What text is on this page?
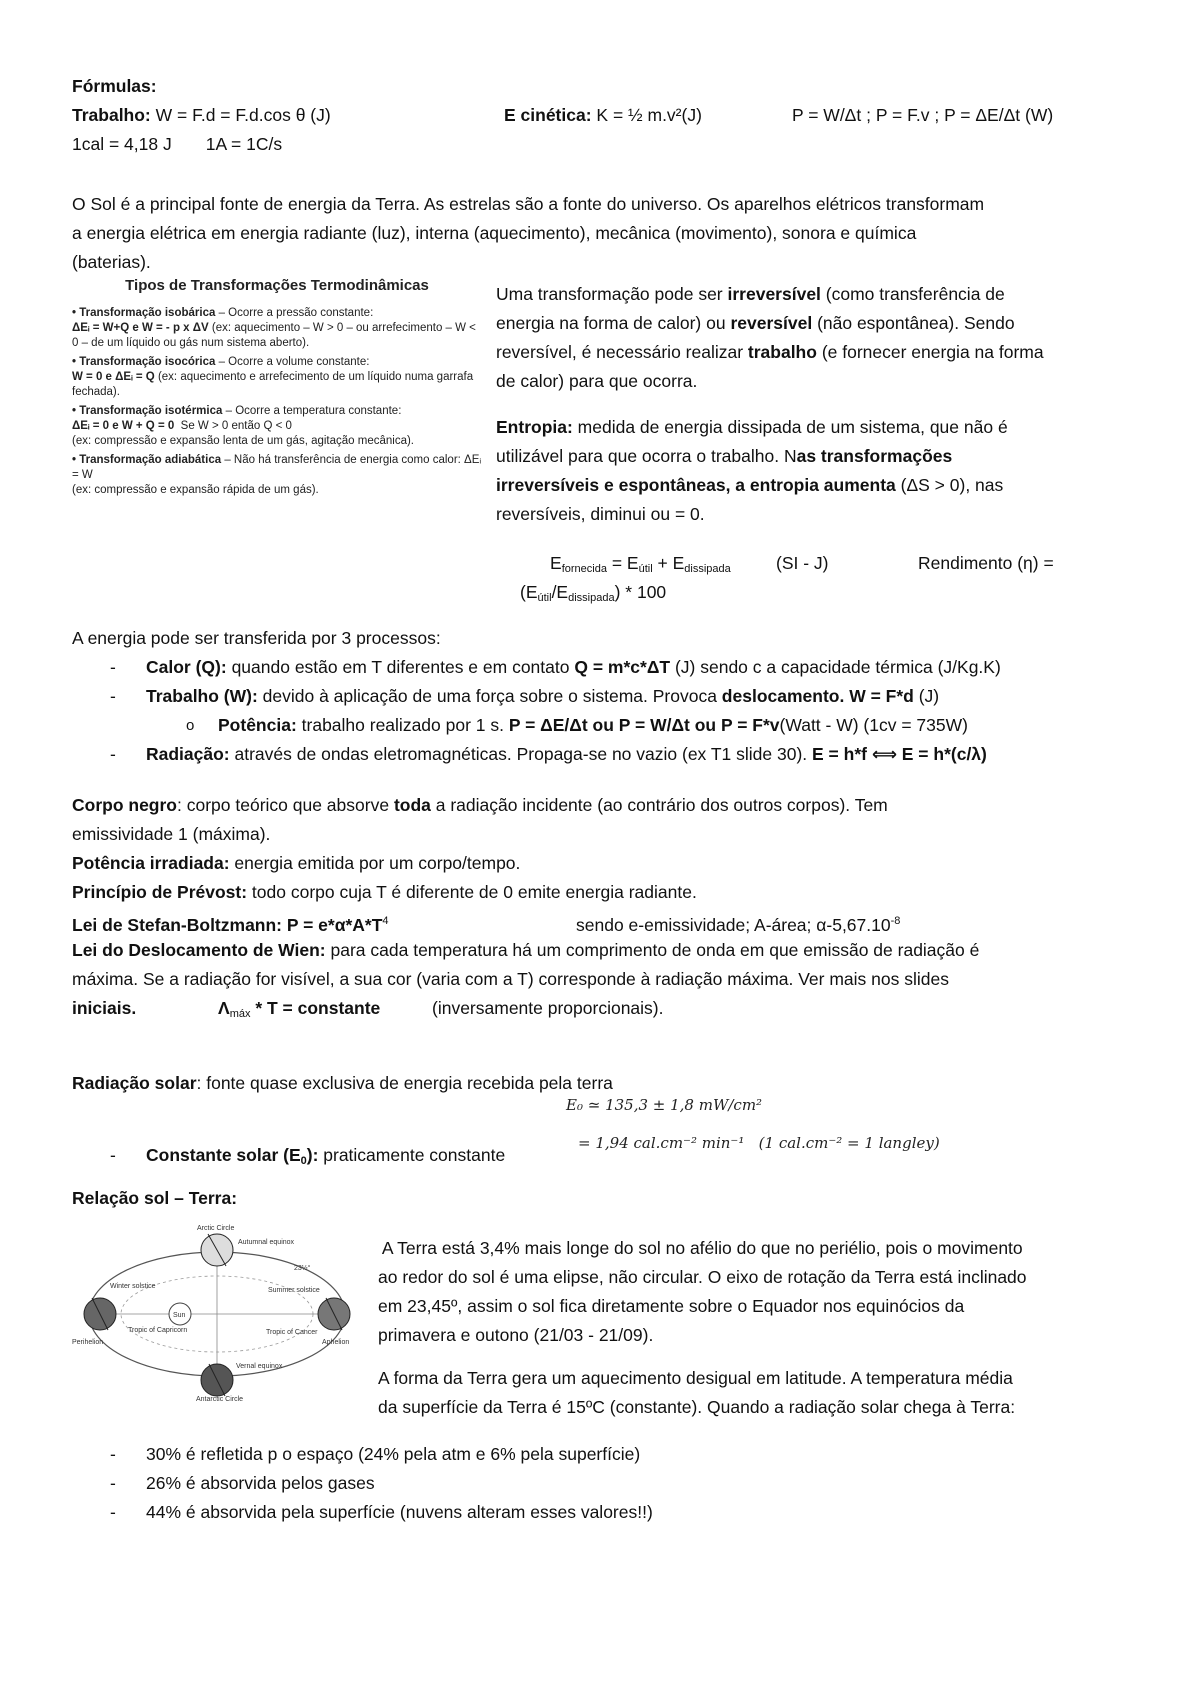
Fórmulas:
Trabalho: W = F.d = F.d.cos θ (J)	E cinética: K = ½ m.v²(J)	P = W/Δt ; P = F.v ; P = ΔE/Δt (W)
1cal = 4,18 J       1A = 1C/s
O Sol é a principal fonte de energia da Terra. As estrelas são a fonte do universo. Os aparelhos elétricos transformam
a energia elétrica em energia radiante (luz), interna (aquecimento), mecânica (movimento), sonora e química
(baterias).
Tipos de Transformações Termodinâmicas

• Transformação isobárica – Ocorre a pressão constante:
ΔEᵢ = W+Q e W = - p x ΔV (ex: aquecimento – W > 0 – ou arrefecimento – W < 0 – de um líquido ou gás num sistema aberto).

• Transformação isocórica – Ocorre a volume constante:
W = 0 e ΔEᵢ = Q (ex: aquecimento e arrefecimento de um líquido numa garrafa fechada).

• Transformação isotérmica – Ocorre a temperatura constante:
ΔEᵢ = 0 e W + Q = 0  Se W > 0 então Q < 0
(ex: compressão e expansão lenta de um gás, agitação mecânica).

• Transformação adiabática – Não há transferência de energia como calor: ΔEᵢ = W
(ex: compressão e expansão rápida de um gás).

Uma transformação pode ser irreversível (como transferência de
energia na forma de calor) ou reversível (não espontânea). Sendo
reversível, é necessário realizar trabalho (e fornecer energia na forma
de calor) para que ocorra.
Entropia: medida de energia dissipada de um sistema, que não é
utilizável para que ocorra o trabalho. Nas transformações
irreversíveis e espontâneas, a entropia aumenta (ΔS > 0), nas
reversíveis, diminui ou = 0.
$E_{fornecida} = E_{útil} + E_{dissipada}$	(SI - J)	Rendimento (η) =
$(E_{útil}/E_{dissipada}) * 100$
A energia pode ser transferida por 3 processos:
- Calor (Q): quando estão em T diferentes e em contato Q = m*c*ΔT (J) sendo c a capacidade térmica (J/Kg.K)
- Trabalho (W): devido à aplicação de uma força sobre o sistema. Provoca deslocamento. W = F*d (J)
o Potência: trabalho realizado por 1 s. P = ΔE/Δt ou P = W/Δt ou P = F*v(Watt - W) (1cv = 735W)
- Radiação: através de ondas eletromagnéticas. Propaga-se no vazio (ex T1 slide 30). E = h*f ⟺ E = h*(c/λ)
Corpo negro: corpo teórico que absorve toda a radiação incidente (ao contrário dos outros corpos). Tem
emissividade 1 (máxima).
Potência irradiada: energia emitida por um corpo/tempo.
Princípio de Prévost: todo corpo cuja T é diferente de 0 emite energia radiante.
Lei de Stefan-Boltzmann: $P = e*\alpha*A*T^4$	sendo e-emissividade; A-área; $\alpha-5,67.10^{-8}$
Lei do Deslocamento de Wien: para cada temperatura há um comprimento de onda em que emissão de radiação é
máxima. Se a radiação for visível, a sua cor (varia com a T) corresponde à radiação máxima. Ver mais nos slides
iniciais.	$\Lambda_{máx}$ * T = constante	(inversamente proporcionais).
Radiação solar: fonte quase exclusiva de energia recebida pela terra
E₀ ≃ 135,3 ± 1,8 mW/cm²
= 1,94 cal.cm⁻² min⁻¹   (1 cal.cm⁻² = 1 langley)
- Constante solar $(E_0)$: praticamente constante
Relação sol – Terra:
Sun
Arctic Circle
Autumnal equinox
23½°
Winter solstice
Summer solstice
Perihelion	Aphelion
Tropic of Capricorn	Tropic of Cancer
Vernal equinox
Antarctic Circle
A Terra está 3,4% mais longe do sol no afélio do que no periélio, pois o movimento
ao redor do sol é uma elipse, não circular. O eixo de rotação da Terra está inclinado
em 23,45º, assim o sol fica diretamente sobre o Equador nos equinócios da
primavera e outono (21/03 - 21/09).
A forma da Terra gera um aquecimento desigual em latitude. A temperatura média
da superfície da Terra é 15ºC (constante). Quando a radiação solar chega à Terra:
- 30% é refletida p o espaço (24% pela atm e 6% pela superfície)
- 26% é absorvida pelos gases
- 44% é absorvida pela superfície (nuvens alteram esses valores!!)
